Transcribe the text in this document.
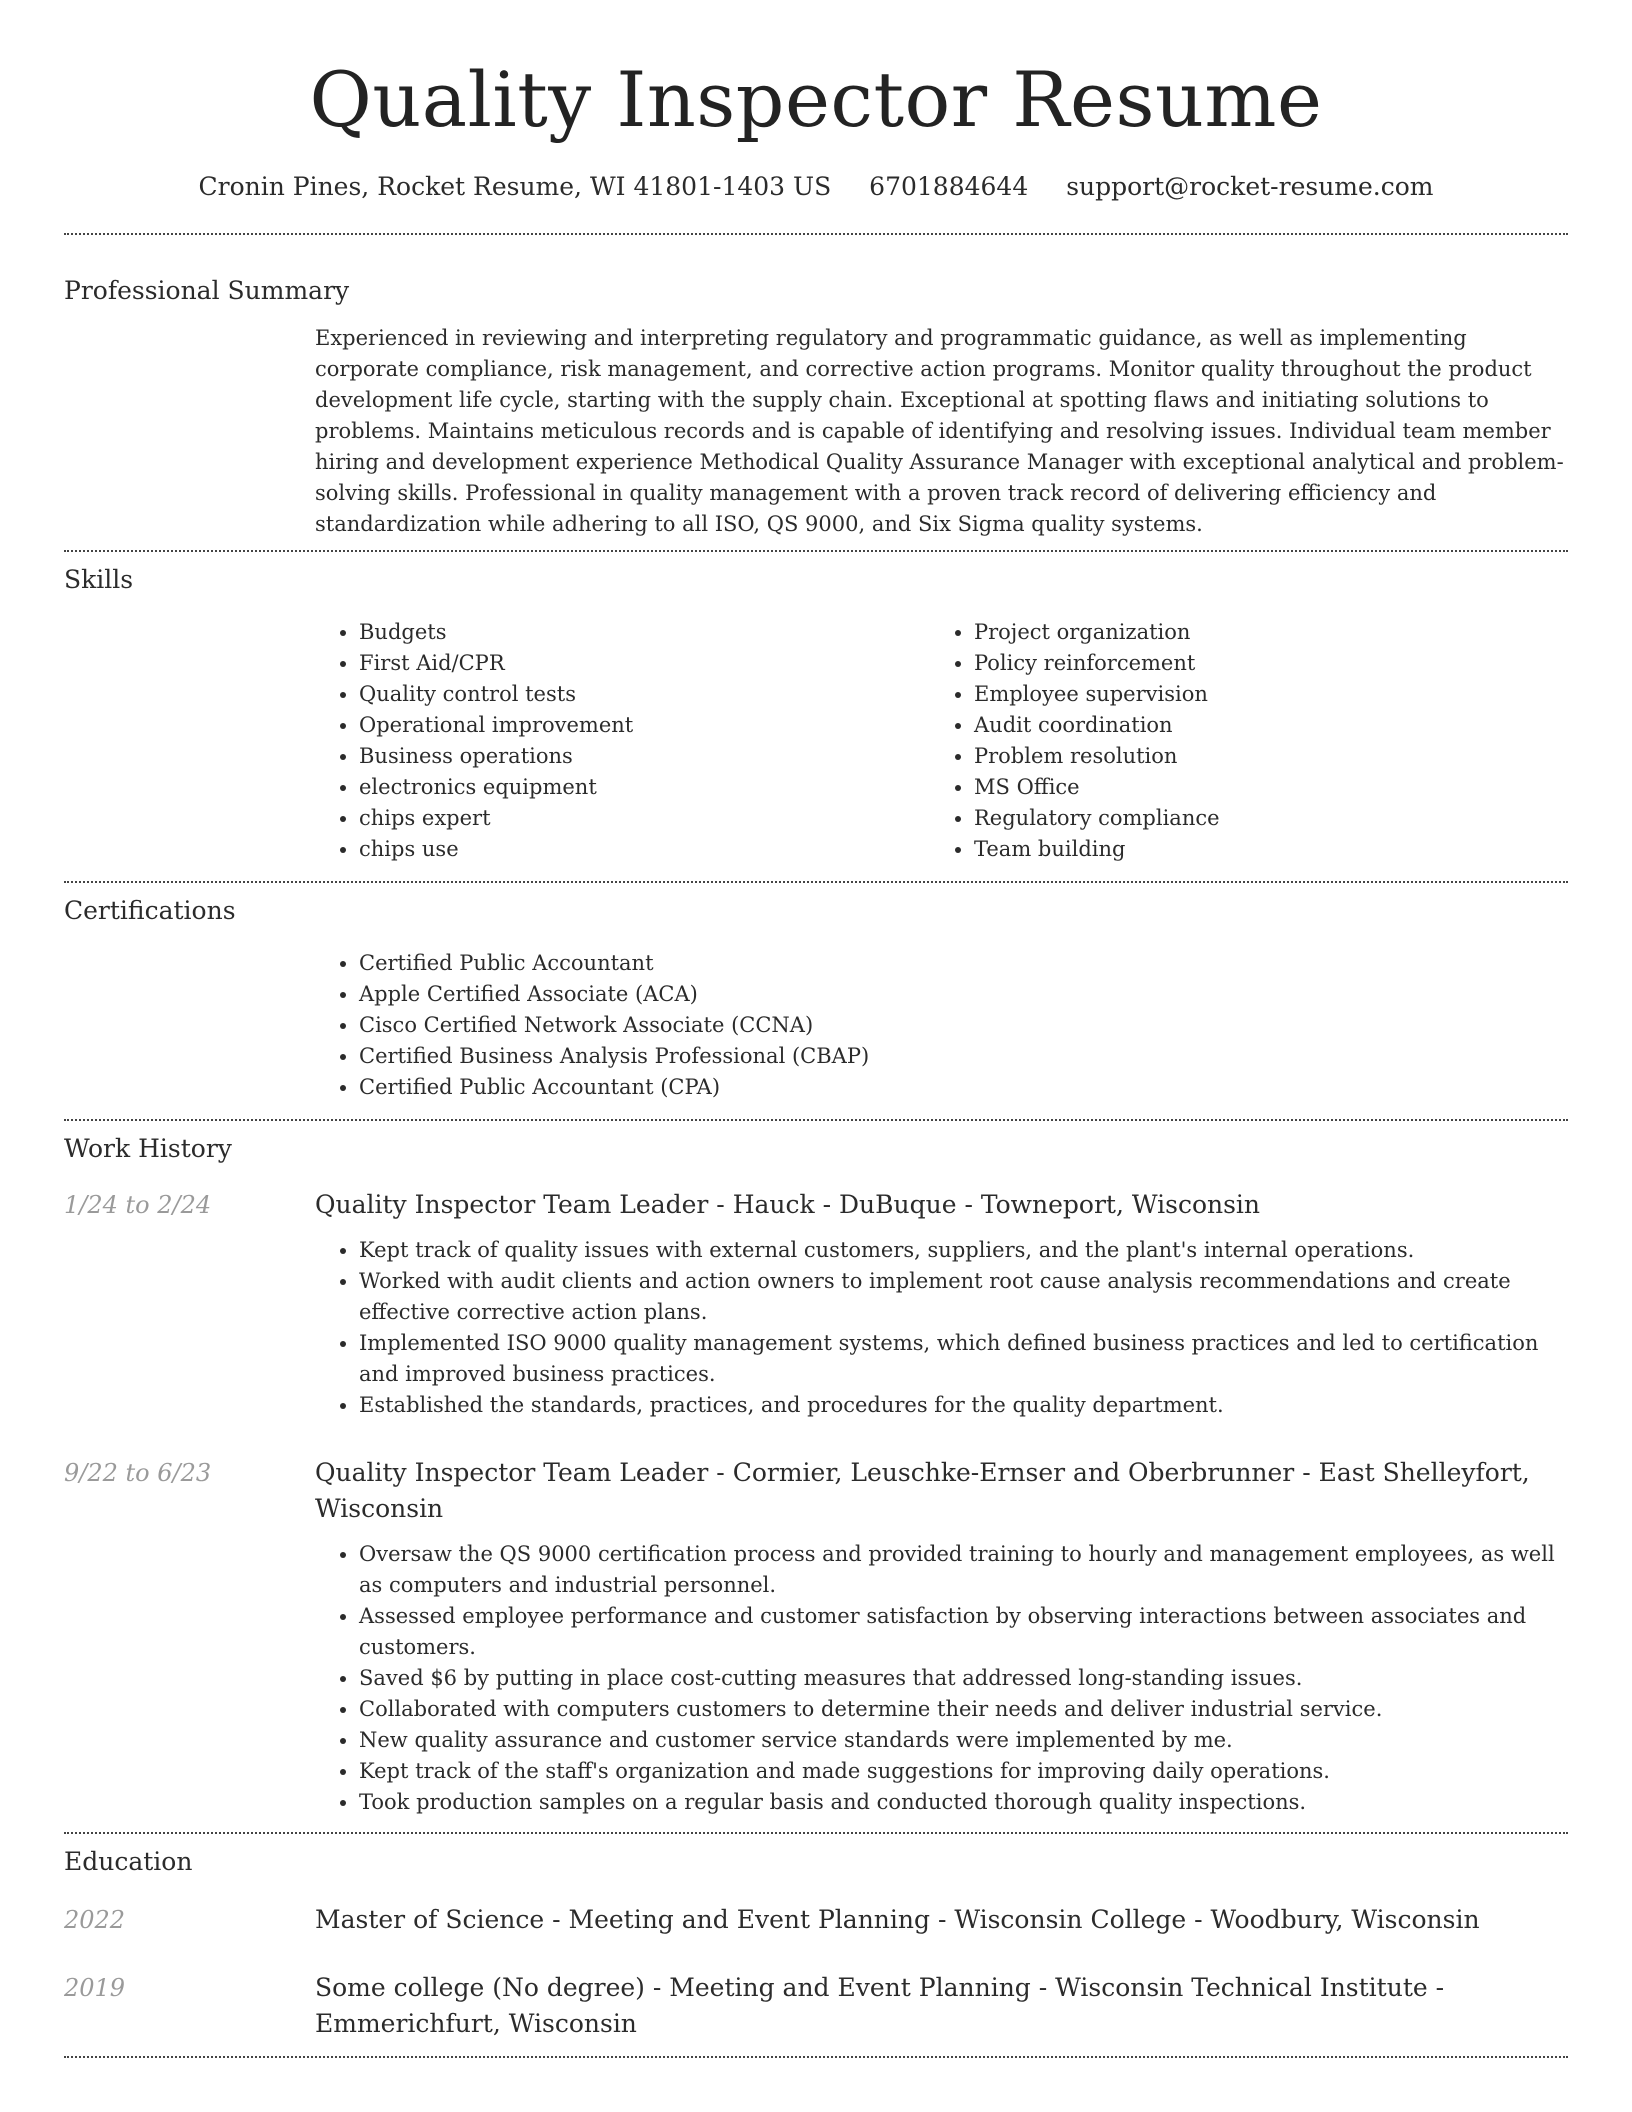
Quality Inspector Resume
Cronin Pines, Rocket Resume, WI 41801-1403 US 6701884644 support@rocket-resume.com
Professional Summary

Experienced in reviewing and interpreting regulatory and programmatic guidance, as well as implementing corporate compliance, risk management, and corrective action programs. Monitor quality throughout the product development life cycle, starting with the supply chain. Exceptional at spotting flaws and initiating solutions to problems. Maintains meticulous records and is capable of identifying and resolving issues. Individual team member hiring and development experience Methodical Quality Assurance Manager with exceptional analytical and problem-solving skills. Professional in quality management with a proven track record of delivering efficiency and standardization while adhering to all ISO, QS 9000, and Six Sigma quality systems.

Skills
• Budgets
• First Aid/CPR
• Quality control tests
• Operational improvement
• Business operations
• electronics equipment
• chips expert
• chips use
• Project organization
• Policy reinforcement
• Employee supervision
• Audit coordination
• Problem resolution
• MS Office
• Regulatory compliance
• Team building
Certifications
• Certified Public Accountant
• Apple Certified Associate (ACA)
• Cisco Certified Network Associate (CCNA)
• Certified Business Analysis Professional (CBAP)
• Certified Public Accountant (CPA)
Work History
1/24 to 2/24	Quality Inspector Team Leader - Hauck - DuBuque - Towneport, Wisconsin

• Kept track of quality issues with external customers, suppliers, and the plant's internal operations.
• Worked with audit clients and action owners to implement root cause analysis recommendations and create effective corrective action plans.
• Implemented ISO 9000 quality management systems, which defined business practices and led to certification and improved business practices.
• Established the standards, practices, and procedures for the quality department.
9/22 to 6/23	Quality Inspector Team Leader - Cormier, Leuschke-Ernser and Oberbrunner - East Shelleyfort, Wisconsin

• Oversaw the QS 9000 certification process and provided training to hourly and management employees, as well as computers and industrial personnel.
• Assessed employee performance and customer satisfaction by observing interactions between associates and customers.
• Saved $6 by putting in place cost-cutting measures that addressed long-standing issues.
• Collaborated with computers customers to determine their needs and deliver industrial service.
• New quality assurance and customer service standards were implemented by me.
• Kept track of the staff's organization and made suggestions for improving daily operations.
• Took production samples on a regular basis and conducted thorough quality inspections.
Education
2022	Master of Science - Meeting and Event Planning - Wisconsin College - Woodbury, Wisconsin

2019	Some college (No degree) - Meeting and Event Planning - Wisconsin Technical Institute - Emmerichfurt, Wisconsin
